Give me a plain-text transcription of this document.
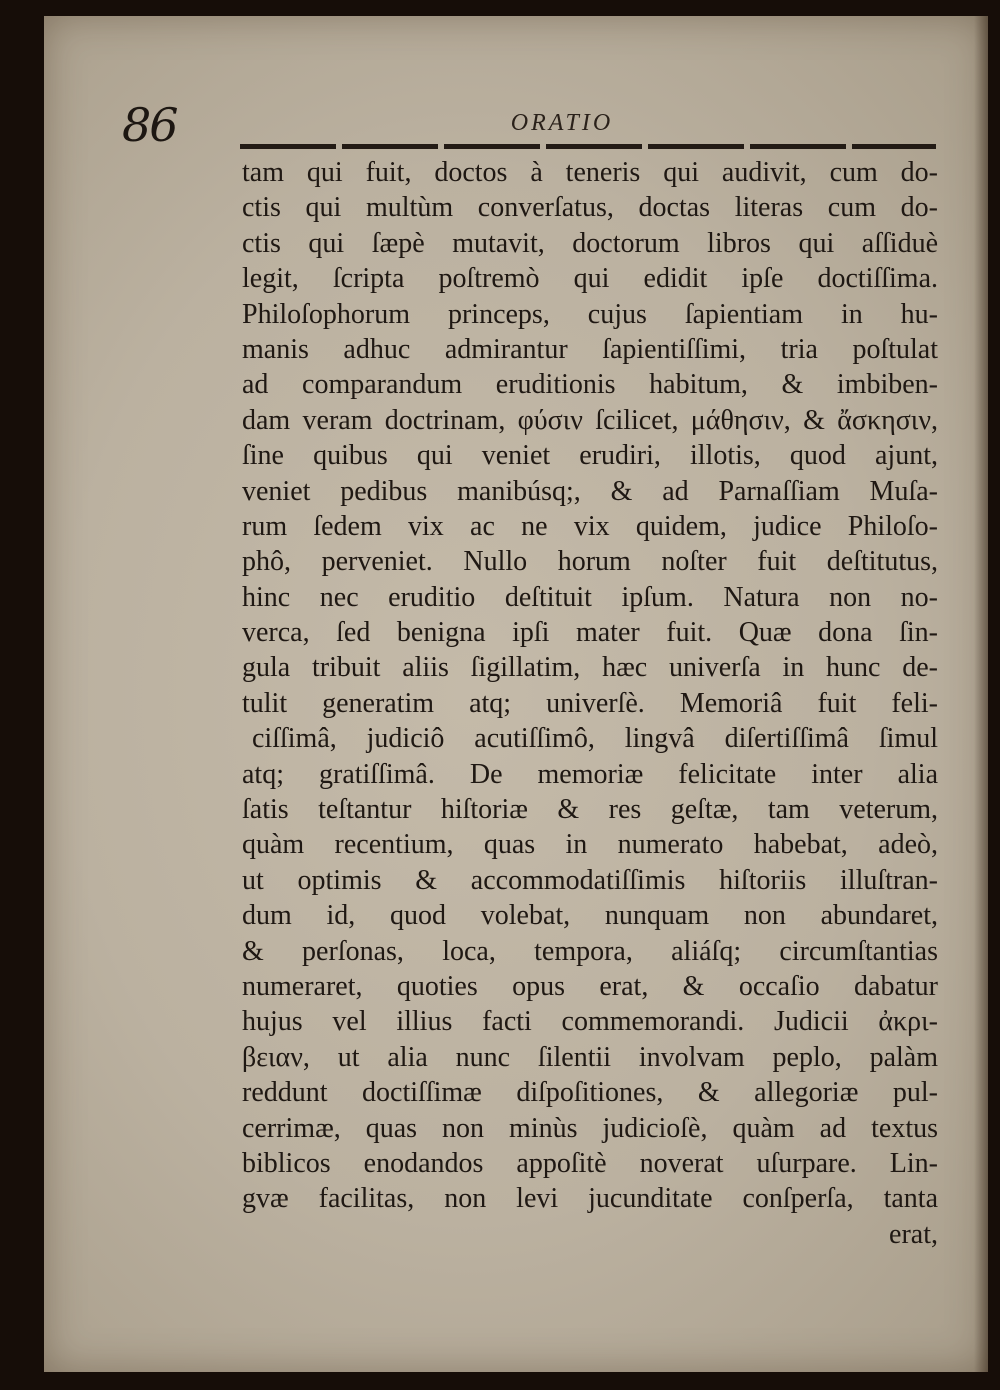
86	ORATIO
tam qui fuit, doctos à teneris qui audivit, cum do-
ctis qui multùm converſatus, doctas literas cum do-
ctis qui ſæpè mutavit, doctorum libros qui aſſiduè
legit, ſcripta poſtremò qui edidit ipſe doctiſſima.
Philoſophorum princeps, cujus ſapientiam in hu-
manis adhuc admirantur ſapientiſſimi, tria poſtulat
ad comparandum eruditionis habitum, & imbiben-
dam veram doctrinam, φύσιν ſcilicet, μάθησιν, & ἄσκησιν,
ſine quibus qui veniet erudiri, illotis, quod ajunt,
veniet pedibus manibúsq;, & ad Parnaſſiam Muſa-
rum ſedem vix ac ne vix quidem, judice Philoſo-
phô, perveniet. Nullo horum noſter fuit deſtitutus,
hinc nec eruditio deſtituit ipſum. Natura non no-
verca, ſed benigna ipſi mater fuit. Quæ dona ſin-
gula tribuit aliis ſigillatim, hæc univerſa in hunc de-
tulit generatim atq; univerſè. Memoriâ fuit feli-
ciſſimâ, judiciô acutiſſimô, lingvâ diſertiſſimâ ſimul
atq; gratiſſimâ. De memoriæ felicitate inter alia
ſatis teſtantur hiſtoriæ & res geſtæ, tam veterum,
quàm recentium, quas in numerato habebat, adeò,
ut optimis & accommodatiſſimis hiſtoriis illuſtran-
dum id, quod volebat, nunquam non abundaret,
& perſonas, loca, tempora, aliáſq; circumſtantias
numeraret, quoties opus erat, & occaſio dabatur
hujus vel illius facti commemorandi. Judicii ἀκρι-
βειαν, ut alia nunc ſilentii involvam peplo, palàm
reddunt doctiſſimæ diſpoſitiones, & allegoriæ pul-
cerrimæ, quas non minùs judicioſè, quàm ad textus
biblicos enodandos appoſitè noverat uſurpare. Lin-
gvæ facilitas, non levi jucunditate conſperſa, tanta
erat,
